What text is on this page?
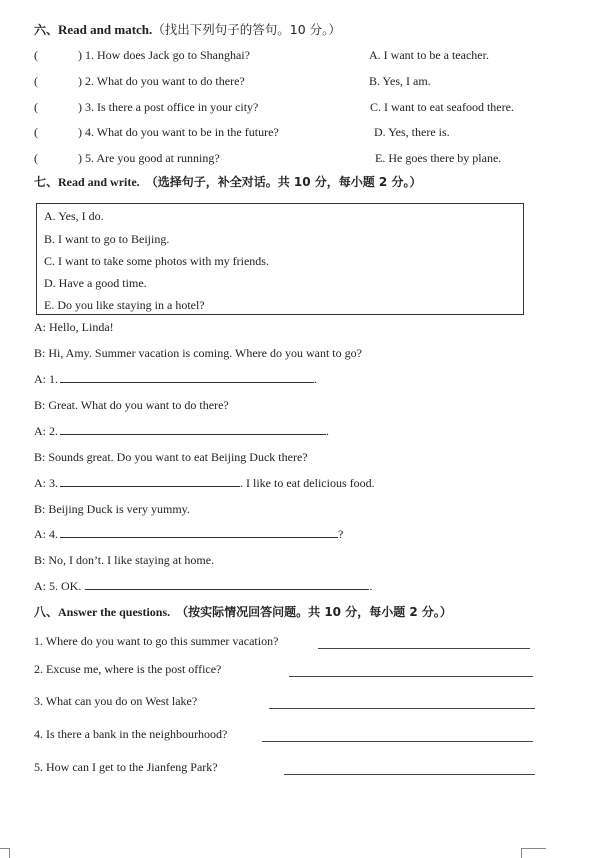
六、Read and match.（找出下列句子的答句。10 分。）
(	) 1. How does Jack go to Shanghai?	A. I want to be a teacher.
(	) 2. What do you want to do there?	B. Yes, I am.
(	) 3. Is there a post office in your city?	C. I want to eat seafood there.
(	) 4. What do you want to be in the future?	D. Yes, there is.
(	) 5. Are you good at running?	E. He goes there by plane.
七、Read and write. （选择句子，补全对话。共 10 分，每小题 2 分。）
A. Yes, I do.
B. I want to go to Beijing.
C. I want to take some photos with my friends.
D. Have a good time.
E. Do you like staying in a hotel?
A: Hello, Linda!
B: Hi, Amy. Summer vacation is coming. Where do you want to go?
A: 1.	.
B: Great. What do you want to do there?
A: 2.	.
B: Sounds great. Do you want to eat Beijing Duck there?
A: 3.	. I like to eat delicious food.
B: Beijing Duck is very yummy.
A: 4.	?
B: No, I don’t. I like staying at home.
A: 5. OK.	.
八、Answer the questions. （按实际情况回答问题。共 10 分，每小题 2 分。）
1. Where do you want to go this summer vacation?
2. Excuse me, where is the post office?
3. What can you do on West lake?
4. Is there a bank in the neighbourhood?
5. How can I get to the Jianfeng Park?
